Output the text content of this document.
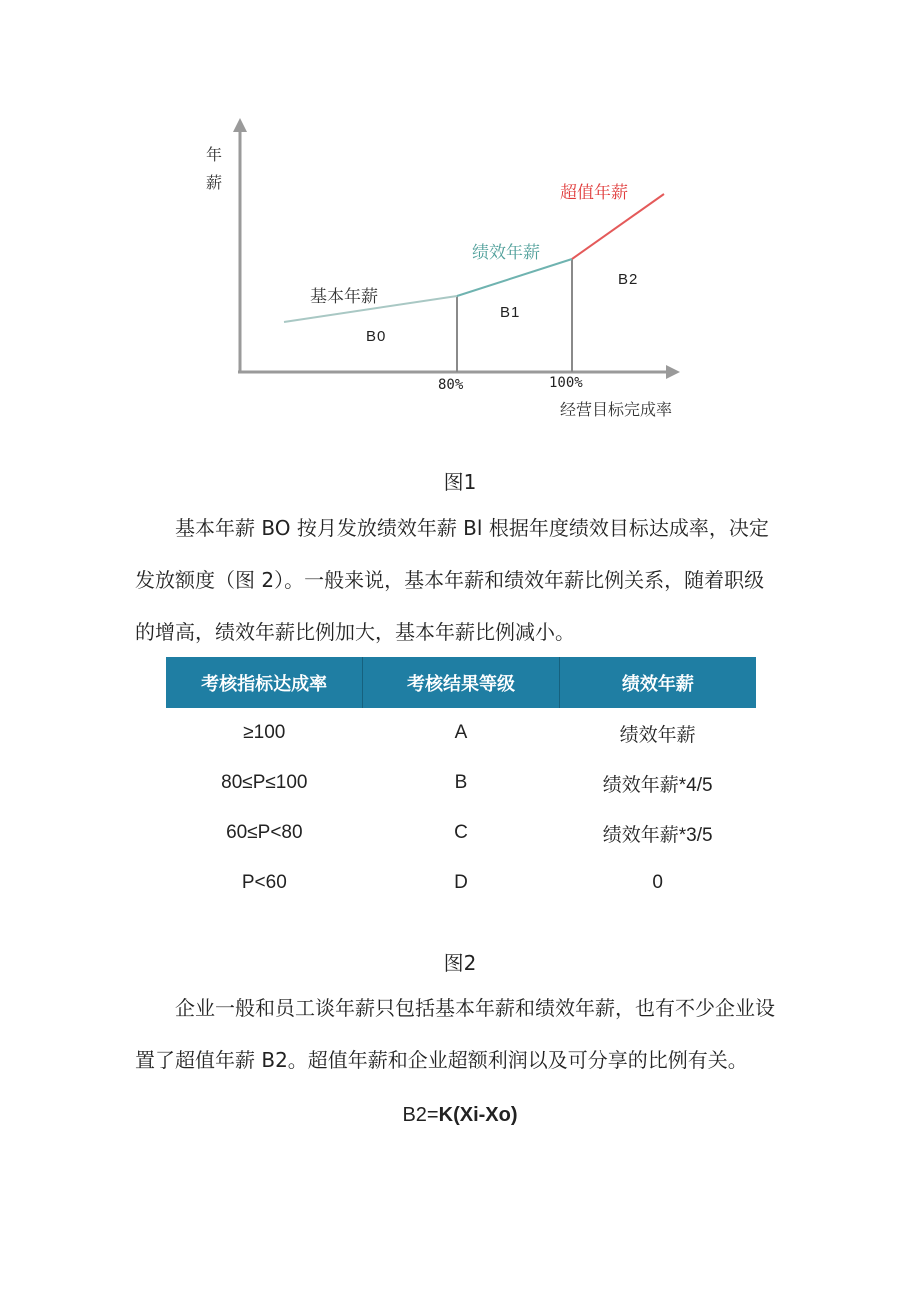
年
薪
基本年薪
绩效年薪
超值年薪
B0
B1
B2
80%	100%
经营目标完成率
图1
基本年薪 BO 按月发放绩效年薪 Bl 根据年度绩效目标达成率，决定
发放额度（图 2）。一般来说，基本年薪和绩效年薪比例关系，随着职级
的增高，绩效年薪比例加大，基本年薪比例减小。
考核指标达成率	考核结果等级	绩效年薪
≥100	A	绩效年薪
80≤P≤100	B	绩效年薪*4/5
60≤P<80	C	绩效年薪*3/5
P<60	D	0
图2
企业一般和员工谈年薪只包括基本年薪和绩效年薪，也有不少企业设
置了超值年薪 B2。超值年薪和企业超额利润以及可分享的比例有关。
B2=K(Xi-Xo)
